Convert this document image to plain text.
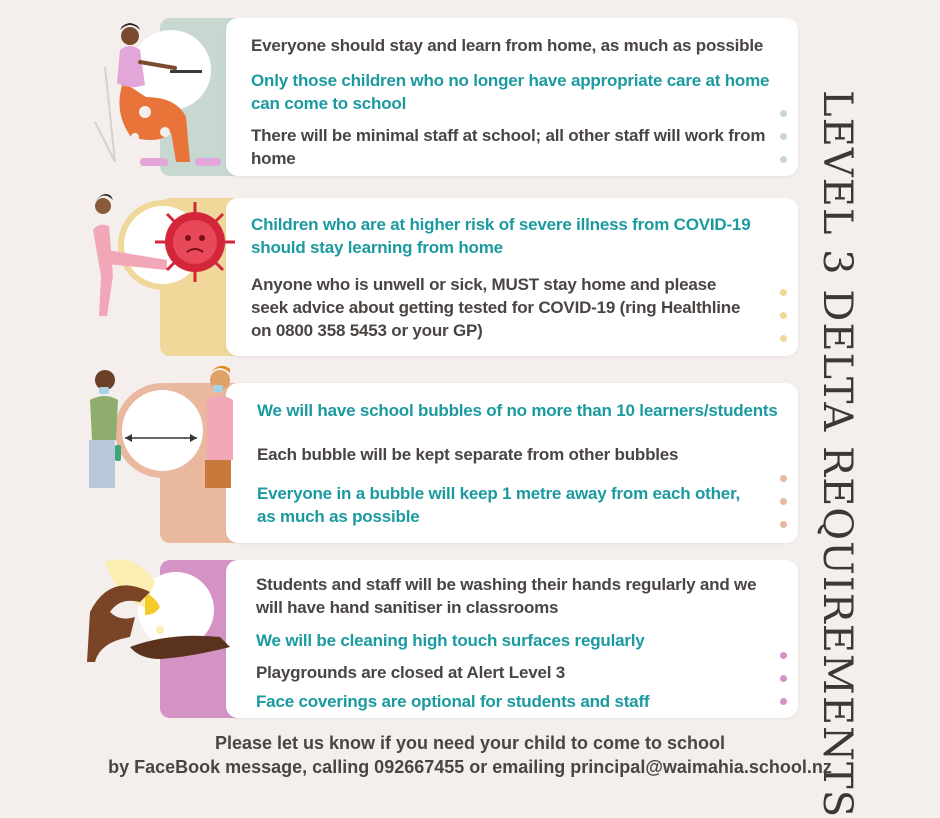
Everyone should stay and learn from home, as much as possible
Only those children who no longer have appropriate care at home can come to school
There will be minimal staff at school; all other staff will work from home
Children who are at higher risk of severe illness from COVID-19 should stay learning from home
Anyone who is unwell or sick, MUST stay home and please seek advice about getting tested for COVID-19 (ring Healthline on 0800 358 5453 or your GP)
We will have school bubbles of no more than 10 learners/students
Each bubble will be kept separate from other bubbles
Everyone in a bubble will keep 1 metre away from each other, as much as possible
Students and staff will be washing their hands regularly and we will have hand sanitiser in classrooms
We will be cleaning high touch surfaces regularly
Playgrounds are closed at Alert Level 3
Face coverings are optional for students and staff	LEVEL 3 DELTA REQUIREMENTS
Please let us know if you need your child to come to school
by FaceBook message, calling 092667455 or emailing principal@waimahia.school.nz
